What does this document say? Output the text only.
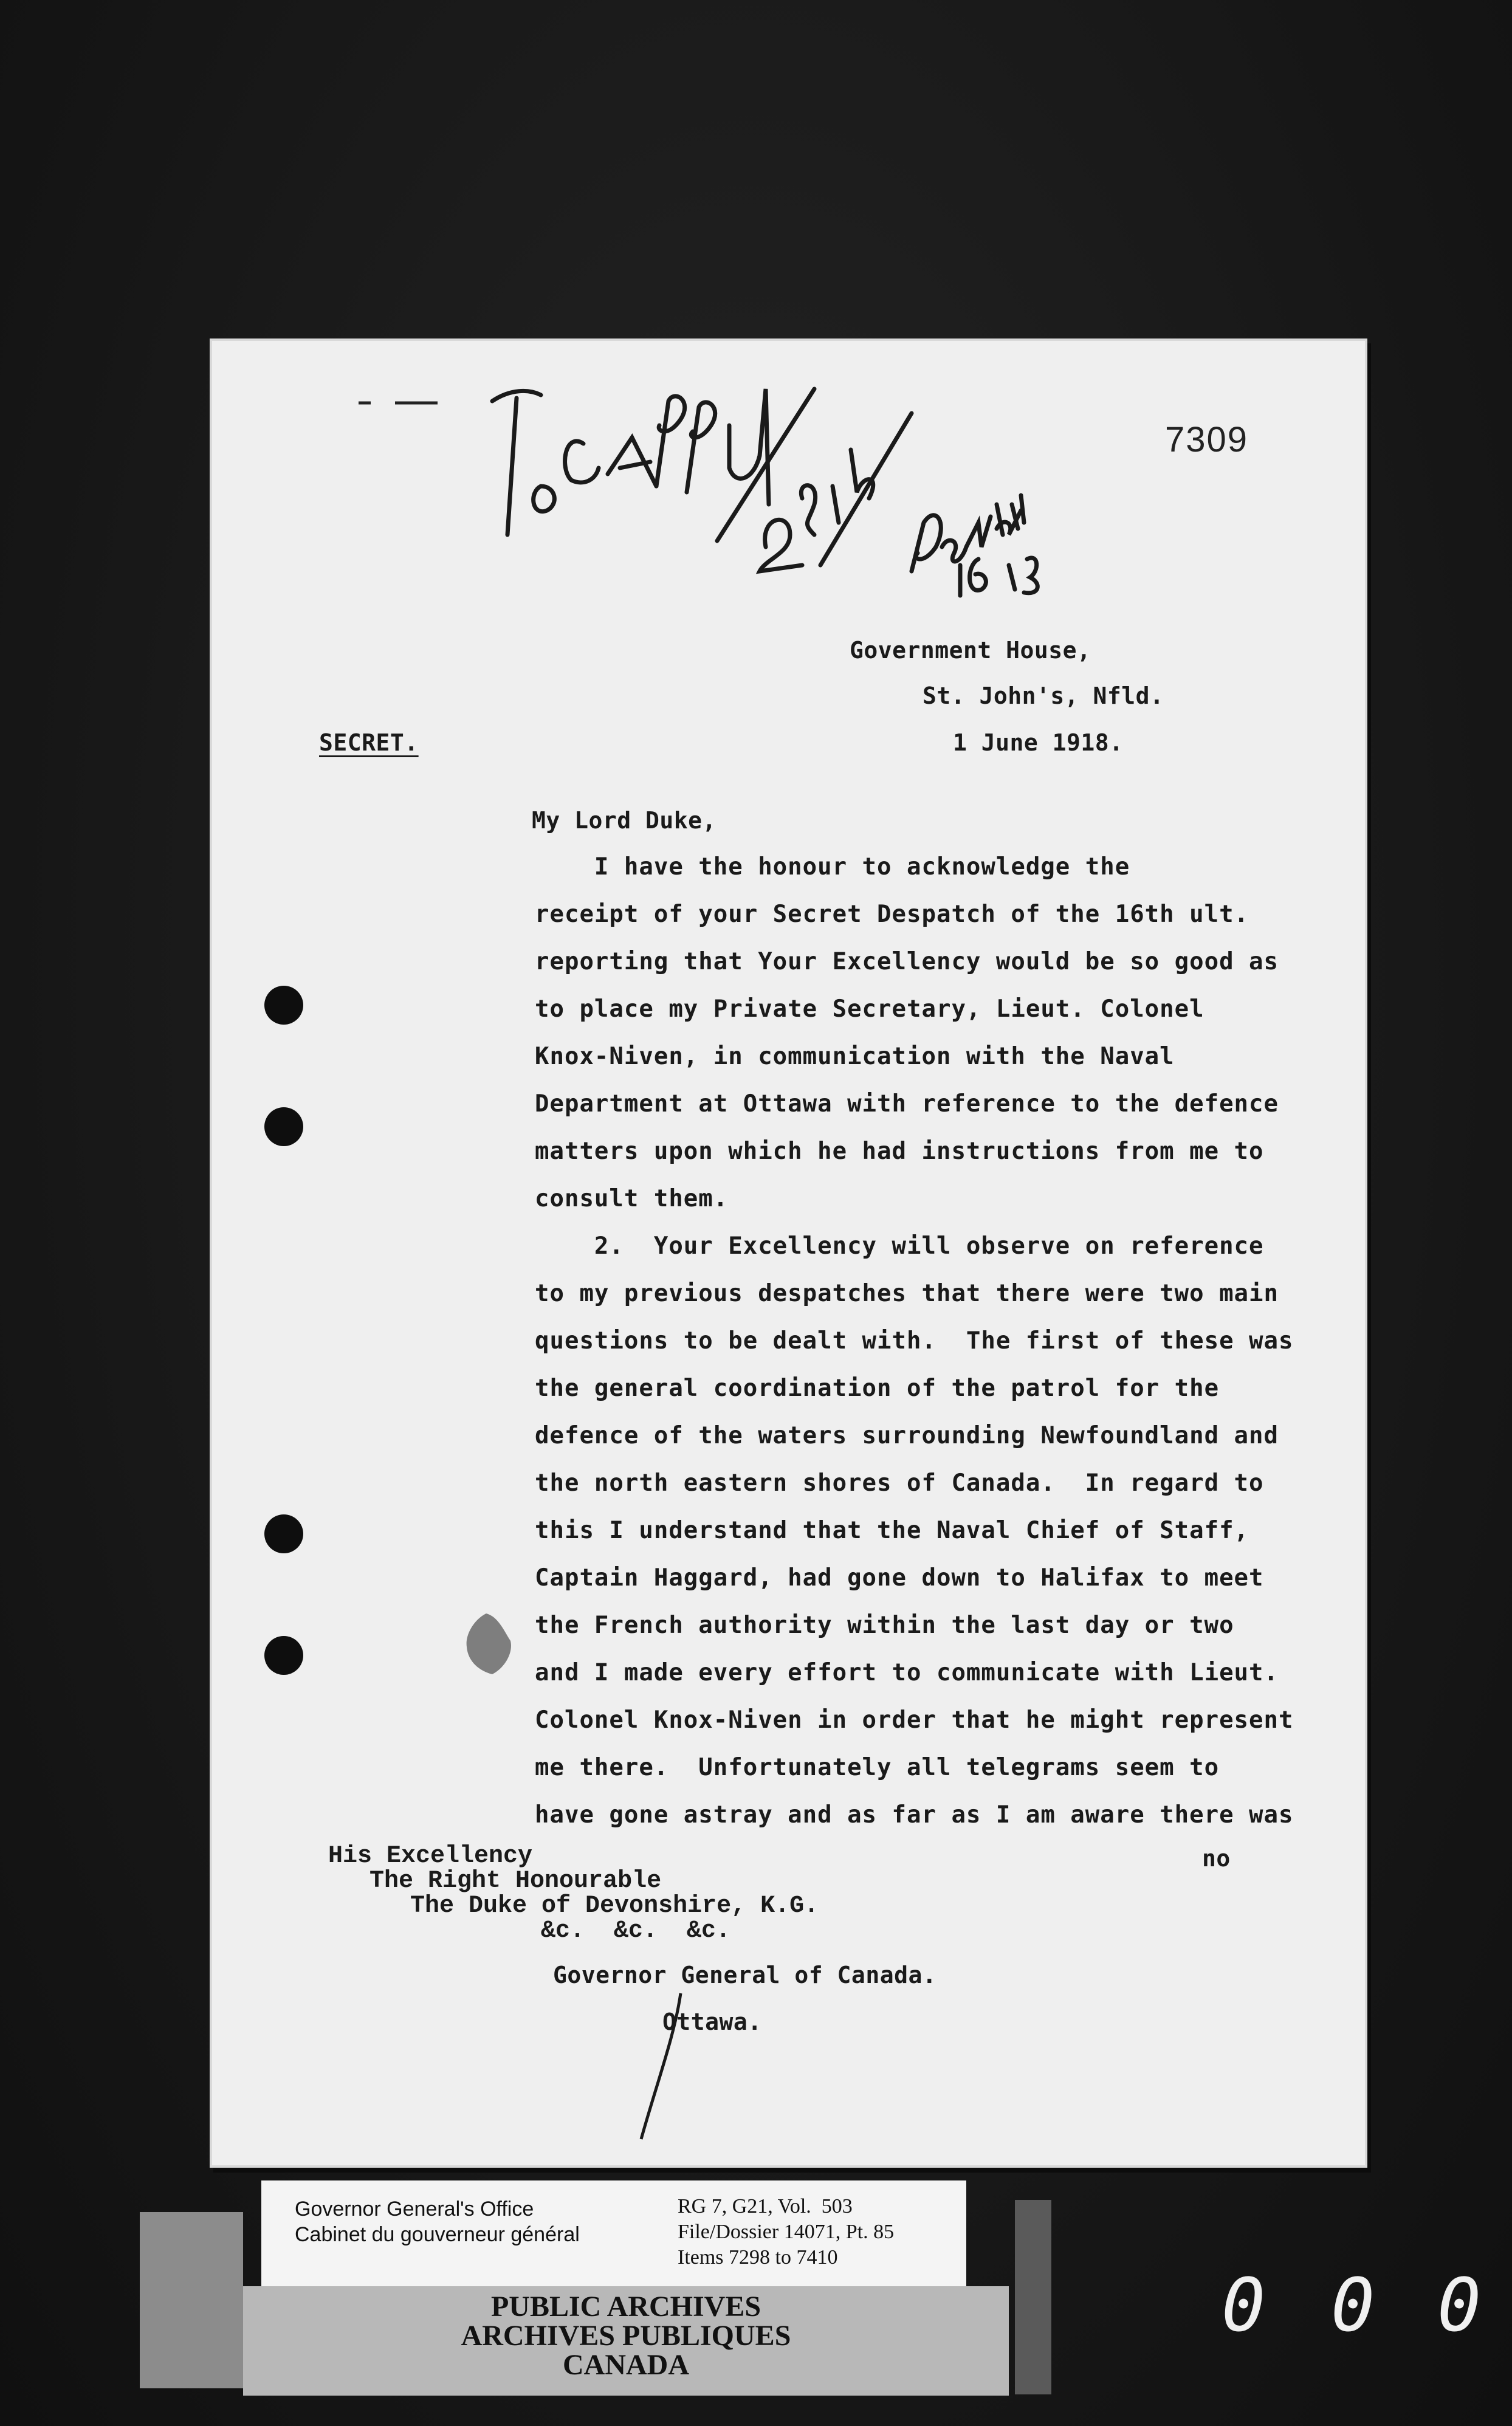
7309
Government House,
St. John's, Nfld.
SECRET.	1 June 1918.
My Lord Duke,
I have the honour to acknowledge the
receipt of your Secret Despatch of the 16th ult.
reporting that Your Excellency would be so good as
to place my Private Secretary, Lieut. Colonel
Knox-Niven, in communication with the Naval
Department at Ottawa with reference to the defence
matters upon which he had instructions from me to
consult them.
2.  Your Excellency will observe on reference
to my previous despatches that there were two main
questions to be dealt with.  The first of these was
the general coordination of the patrol for the
defence of the waters surrounding Newfoundland and
the north eastern shores of Canada.  In regard to
this I understand that the Naval Chief of Staff,
Captain Haggard, had gone down to Halifax to meet
the French authority within the last day or two
and I made every effort to communicate with Lieut.
Colonel Knox-Niven in order that he might represent
me there.  Unfortunately all telegrams seem to
have gone astray and as far as I am aware there was
no
His Excellency
The Right Honourable
The Duke of Devonshire, K.G.
&c.  &c.  &c.
Governor General of Canada.
Ottawa.
Governor General's Office
Cabinet du gouverneur général
RG 7, G21, Vol.  503
File/Dossier 14071, Pt. 85
Items 7298 to 7410
PUBLIC ARCHIVES
ARCHIVES PUBLIQUES
CANADA
0 0 0
